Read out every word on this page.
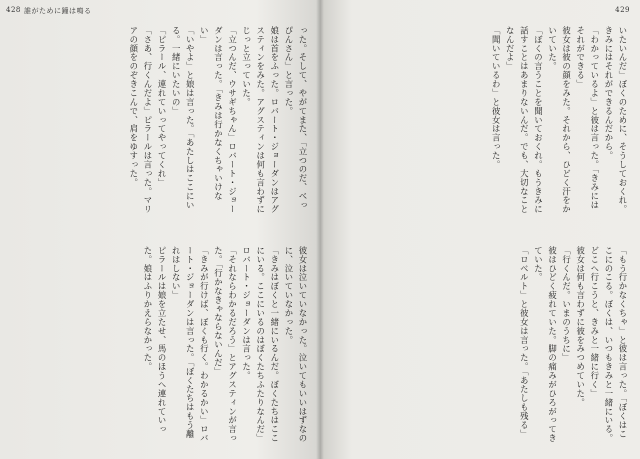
428 誰がために鐘は鳴る
った。そして、やがてまた、「立つのだ、べっぴんさん」と言った。
娘は首をふった。ロバート・ジョーダンはアグスティンをみた。アグスティンは何も言わずにじっと立っていた。
「立つんだ、ウサギちゃん」ロバート・ジョーダンは言った。「きみは行かなくちゃいけない」
「いやよ」と娘は言った。「あたしはここにいる。一緒にいたいの」
「ピラール、連れていってやってくれ」
「さあ、行くんだよ」ピラールは言った。マリアの顔をのぞきこんで、肩をゆすった。
彼女は泣いていなかった。泣いてもいいはずなのに、泣いていなかった。
「きみはぼくと一緒にいるんだ。ぼくたちはここにいる。ここにいるのはぼくたちふたりなんだ」ロバート・ジョーダンは言った。
「それならわかるだろう」とアグスティンが言った。「行かなきゃならないんだ」
「きみが行けば、ぼくも行く。わかるかい」ロバート・ジョーダンは言った。「ぼくたちはもう離れはしない」
ピラールは娘を立たせ、馬のほうへ連れていった。娘はふりかえらなかった。
429
いたいんだ」ぼくのために、そうしておくれ。きみにはそれができるんだから。
「わかっているよ」と彼は言った。「きみにはそれができる」
彼女は彼の顔をみた。それから、ひどく汗をかいていた。
「ぼくの言うことを聞いておくれ。もうきみに話すことはあまりないんだ。でも、大切なことなんだよ」
「聞いているわ」と彼女は言った。
「もう行かなくちゃ」と彼は言った。「ぼくはここにのこる。ぼくは、いつもきみと一緒にいる。どこへ行こうと、きみと一緒に行く」
彼女は何も言わずに彼をみつめていた。
「行くんだ。いまのうちに」
彼はひどく疲れていた。脚の痛みがひろがってきていた。
「ロベルト」と彼女は言った。「あたしも残る」
